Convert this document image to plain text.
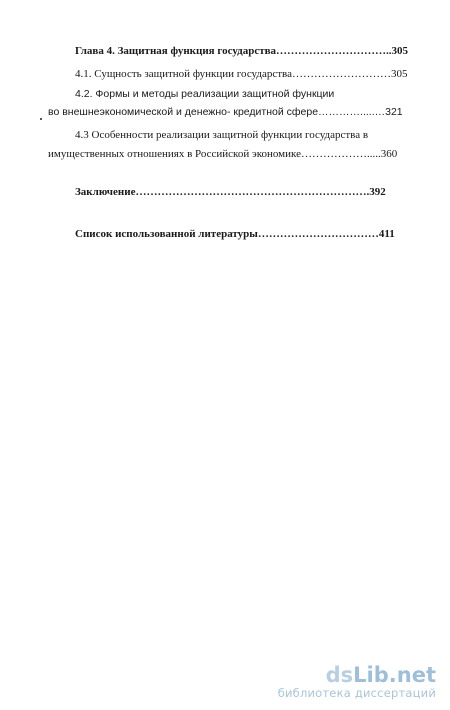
Глава 4. Защитная функция государства…………………………..305
4.1. Сущность защитной функции государства………………………305
4.2. Формы и методы реализации защитной функции
во внешнеэкономической и денежно- кредитной сфере………….....…321
4.3 Особенности реализации защитной функции государства в
имущественных отношениях в Российской экономике……………….....360
Заключение……………………………………………………….392
Список использованной литературы……………………………411
dsLib.net
библиотека диссертаций
